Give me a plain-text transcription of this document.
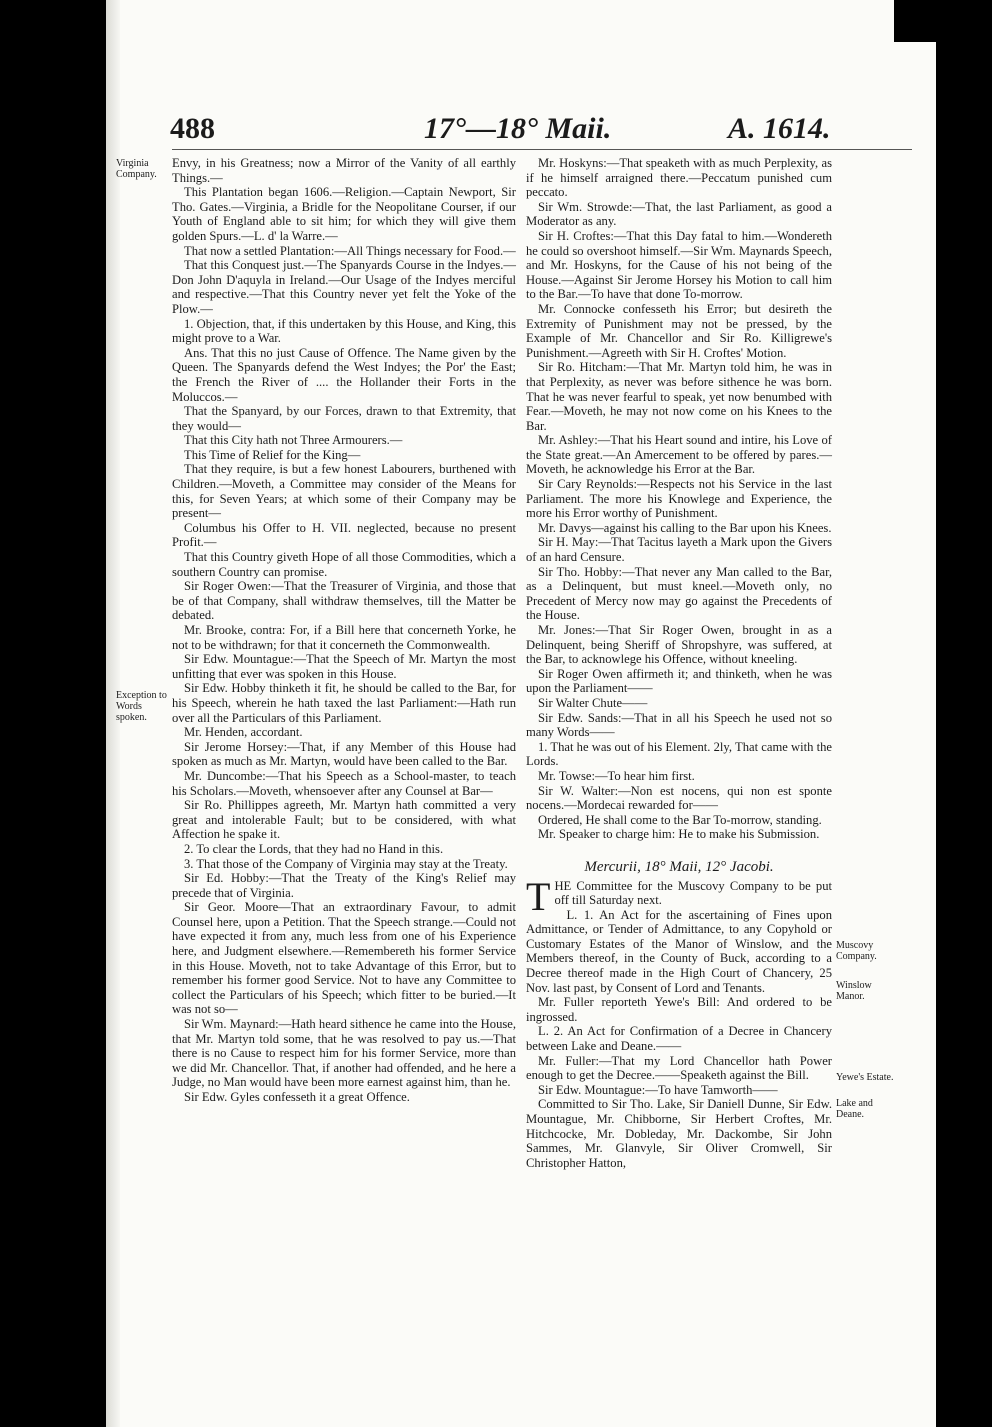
488	17°—18° Maii.	A. 1614.
Virginia Company.
Exception to Words spoken.
Muscovy Company.
Winslow Manor.
Yewe's Estate.
Lake and Deane.

Envy, in his Greatness; now a Mirror of the Vanity of all earthly Things.—

This Plantation began 1606.—Religion.—Captain Newport, Sir Tho. Gates.—Virginia, a Bridle for the Neopolitane Courser, if our Youth of England able to sit him; for which they will give them golden Spurs.—L. d' la Warre.—

That now a settled Plantation:—All Things necessary for Food.—

That this Conquest just.—The Spanyards Course in the Indyes.—Don John D'aquyla in Ireland.—Our Usage of the Indyes merciful and respective.—That this Country never yet felt the Yoke of the Plow.—

1. Objection, that, if this undertaken by this House, and King, this might prove to a War.

Ans. That this no just Cause of Offence. The Name given by the Queen. The Spanyards defend the West Indyes; the Por' the East; the French the River of .... the Hollander their Forts in the Moluccos.—

That the Spanyard, by our Forces, drawn to that Extremity, that they would—

That this City hath not Three Armourers.—

This Time of Relief for the King—

That they require, is but a few honest Labourers, burthened with Children.—Moveth, a Committee may consider of the Means for this, for Seven Years; at which some of their Company may be present—

Columbus his Offer to H. VII. neglected, because no present Profit.—

That this Country giveth Hope of all those Commodities, which a southern Country can promise.

Sir Roger Owen:—That the Treasurer of Virginia, and those that be of that Company, shall withdraw themselves, till the Matter be debated.

Mr. Brooke, contra: For, if a Bill here that concerneth Yorke, he not to be withdrawn; for that it concerneth the Commonwealth.

Sir Edw. Mountague:—That the Speech of Mr. Martyn the most unfitting that ever was spoken in this House.

Sir Edw. Hobby thinketh it fit, he should be called to the Bar, for his Speech, wherein he hath taxed the last Parliament:—Hath run over all the Particulars of this Parliament.

Mr. Henden, accordant.

Sir Jerome Horsey:—That, if any Member of this House had spoken as much as Mr. Martyn, would have been called to the Bar.

Mr. Duncombe:—That his Speech as a School-master, to teach his Scholars.—Moveth, whensoever after any Counsel at Bar—

Sir Ro. Phillippes agreeth, Mr. Martyn hath committed a very great and intolerable Fault; but to be considered, with what Affection he spake it.

2. To clear the Lords, that they had no Hand in this.

3. That those of the Company of Virginia may stay at the Treaty.

Sir Ed. Hobby:—That the Treaty of the King's Relief may precede that of Virginia.

Sir Geor. Moore—That an extraordinary Favour, to admit Counsel here, upon a Petition. That the Speech strange.—Could not have expected it from any, much less from one of his Experience here, and Judgment elsewhere.—Remembereth his former Service in this House. Moveth, not to take Advantage of this Error, but to remember his former good Service. Not to have any Committee to collect the Particulars of his Speech; which fitter to be buried.—It was not so—

Sir Wm. Maynard:—Hath heard sithence he came into the House, that Mr. Martyn told some, that he was resolved to pay us.—That there is no Cause to respect him for his former Service, more than we did Mr. Chancellor. That, if another had offended, and he here a Judge, no Man would have been more earnest against him, than he.

Sir Edw. Gyles confesseth it a great Offence.

Mr. Hoskyns:—That speaketh with as much Perplexity, as if he himself arraigned there.—Peccatum punished cum peccato.

Sir Wm. Strowde:—That, the last Parliament, as good a Moderator as any.

Sir H. Croftes:—That this Day fatal to him.—Wondereth he could so overshoot himself.—Sir Wm. Maynards Speech, and Mr. Hoskyns, for the Cause of his not being of the House.—Against Sir Jerome Horsey his Motion to call him to the Bar.—To have that done To-morrow.

Mr. Connocke confesseth his Error; but desireth the Extremity of Punishment may not be pressed, by the Example of Mr. Chancellor and Sir Ro. Killigrewe's Punishment.—Agreeth with Sir H. Croftes' Motion.

Sir Ro. Hitcham:—That Mr. Martyn told him, he was in that Perplexity, as never was before sithence he was born. That he was never fearful to speak, yet now benumbed with Fear.—Moveth, he may not now come on his Knees to the Bar.

Mr. Ashley:—That his Heart sound and intire, his Love of the State great.—An Amercement to be offered by pares.—Moveth, he acknowledge his Error at the Bar.

Sir Cary Reynolds:—Respects not his Service in the last Parliament. The more his Knowlege and Experience, the more his Error worthy of Punishment.

Mr. Davys—against his calling to the Bar upon his Knees.

Sir H. May:—That Tacitus layeth a Mark upon the Givers of an hard Censure.

Sir Tho. Hobby:—That never any Man called to the Bar, as a Delinquent, but must kneel.—Moveth only, no Precedent of Mercy now may go against the Precedents of the House.

Mr. Jones:—That Sir Roger Owen, brought in as a Delinquent, being Sheriff of Shropshyre, was suffered, at the Bar, to acknowlege his Offence, without kneeling.

Sir Roger Owen affirmeth it; and thinketh, when he was upon the Parliament——

Sir Walter Chute——

Sir Edw. Sands:—That in all his Speech he used not so many Words——

1. That he was out of his Element. 2ly, That came with the Lords.

Mr. Towse:—To hear him first.

Sir W. Walter:—Non est nocens, qui non est sponte nocens.—Mordecai rewarded for——

Ordered, He shall come to the Bar To-morrow, standing.

Mr. Speaker to charge him: He to make his Submission.

Mercurii, 18° Maii, 12° Jacobi.

THE Committee for the Muscovy Company to be put off till Saturday next.

L. 1. An Act for the ascertaining of Fines upon Admittance, or Tender of Admittance, to any Copyhold or Customary Estates of the Manor of Winslow, and the Members thereof, in the County of Buck, according to a Decree thereof made in the High Court of Chancery, 25 Nov. last past, by Consent of Lord and Tenants.

Mr. Fuller reporteth Yewe's Bill: And ordered to be ingrossed.

L. 2. An Act for Confirmation of a Decree in Chancery between Lake and Deane.——

Mr. Fuller:—That my Lord Chancellor hath Power enough to get the Decree.——Speaketh against the Bill.

Sir Edw. Mountague:—To have Tamworth——

Committed to Sir Tho. Lake, Sir Daniell Dunne, Sir Edw. Mountague, Mr. Chibborne, Sir Herbert Croftes, Mr. Hitchcocke, Mr. Dobleday, Mr. Dackombe, Sir John Sammes, Mr. Glanvyle, Sir Oliver Cromwell, Sir Christopher Hatton,
